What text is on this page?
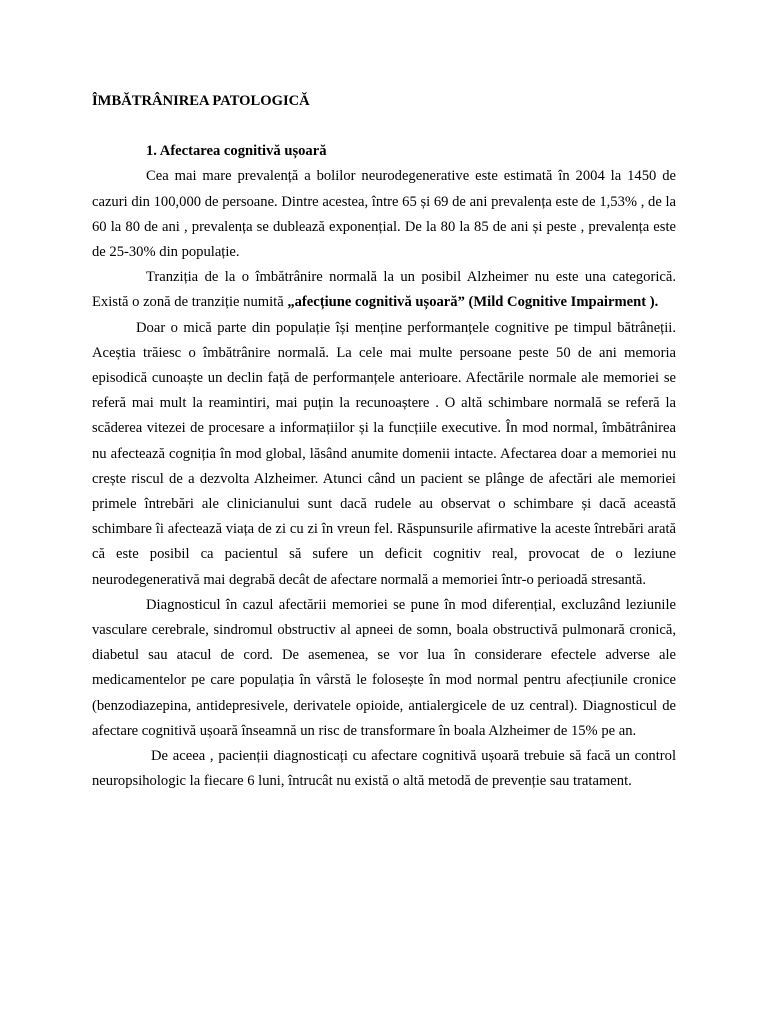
ÎMBĂTRÂNIREA PATOLOGICĂ
1. Afectarea cognitivă ușoară

Cea mai mare prevalență a bolilor neurodegenerative este estimată în 2004 la 1450 de cazuri din 100,000 de persoane. Dintre acestea, între 65 și 69 de ani prevalența este de 1,53% , de la 60 la 80 de ani , prevalența se dublează exponențial. De la 80 la 85 de ani și peste , prevalența este de 25-30% din populație.

Tranziția de la o îmbătrânire normală la un posibil Alzheimer nu este una categorică. Există o zonă de tranziție numită „afecțiune cognitivă ușoară” (Mild Cognitive Impairment ).

Doar o mică parte din populație își menține performanțele cognitive pe timpul bătrâneții. Aceștia trăiesc o îmbătrânire normală. La cele mai multe persoane peste 50 de ani memoria episodică cunoaște un declin față de performanțele anterioare. Afectările normale ale memoriei se referă mai mult la reamintiri, mai puțin la recunoaștere . O altă schimbare normală se referă la scăderea vitezei de procesare a informațiilor și la funcțiile executive. În mod normal, îmbătrânirea nu afectează cogniția în mod global, lăsând anumite domenii intacte. Afectarea doar a memoriei nu crește riscul de a dezvolta Alzheimer. Atunci când un pacient se plânge de afectări ale memoriei primele întrebări ale clinicianului sunt dacă rudele au observat o schimbare și dacă această schimbare îi afectează viața de zi cu zi în vreun fel. Răspunsurile afirmative la aceste întrebări arată că este posibil ca pacientul să sufere un deficit cognitiv real, provocat de o leziune neurodegenerativă mai degrabă decât de afectare normală a memoriei într-o perioadă stresantă.

Diagnosticul în cazul afectării memoriei se pune în mod diferențial, excluzând leziunile vasculare cerebrale, sindromul obstructiv al apneei de somn, boala obstructivă pulmonară cronică, diabetul sau atacul de cord. De asemenea, se vor lua în considerare efectele adverse ale medicamentelor pe care populația în vârstă le folosește în mod normal pentru afecțiunile cronice (benzodiazepina, antidepresivele, derivatele opioide, antialergicele de uz central). Diagnosticul de afectare cognitivă ușoară înseamnă un risc de transformare în boala Alzheimer de 15% pe an.

De aceea , pacienții diagnosticați cu afectare cognitivă ușoară trebuie să facă un control neuropsihologic la fiecare 6 luni, întrucât nu există o altă metodă de prevenție sau tratament.
